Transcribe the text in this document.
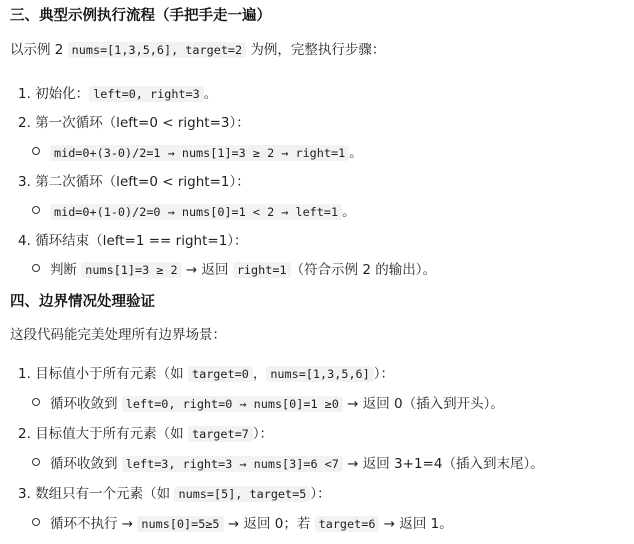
三、典型示例执行流程（手把手走一遍）
以示例 2 nums=[1,3,5,6], target=2 为例，完整执行步骤：
1. 初始化： left=0, right=3 。
2. 第一次循环（left=0 < right=3）：
mid=0+(3-0)/2=1 → nums[1]=3 ≥ 2 → right=1 。
3. 第二次循环（left=0 < right=1）：
mid=0+(1-0)/2=0 → nums[0]=1 < 2 → left=1 。
4. 循环结束（left=1 == right=1）：
判断 nums[1]=3 ≥ 2 → 返回 right=1 （符合示例 2 的输出）。
四、边界情况处理验证
这段代码能完美处理所有边界场景：
1. 目标值小于所有元素（如 target=0 ， nums=[1,3,5,6] ）：
循环收敛到 left=0, right=0 → nums[0]=1 ≥0 → 返回 0（插入到开头）。
2. 目标值大于所有元素（如 target=7 ）：
循环收敛到 left=3, right=3 → nums[3]=6 <7 → 返回 3+1=4（插入到末尾）。
3. 数组只有一个元素（如 nums=[5], target=5 ）：
循环不执行 → nums[0]=5≥5 → 返回 0；若 target=6 → 返回 1。
